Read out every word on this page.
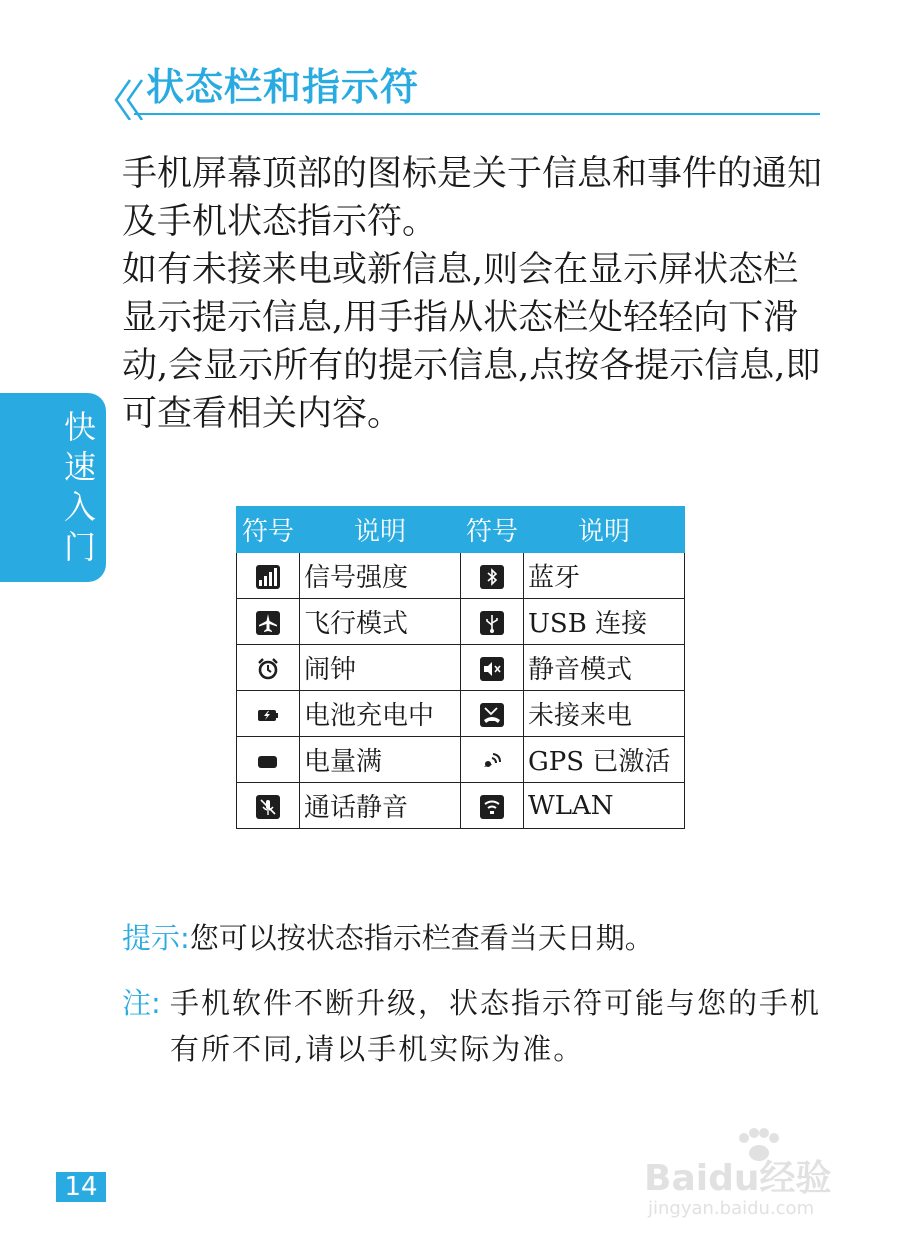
状态栏和指示符

手机屏幕顶部的图标是关于信息和事件的通知及手机状态指示符。

如有未接来电或新信息,则会在显示屏状态栏显示提示信息,用手指从状态栏处轻轻向下滑动,会显示所有的提示信息,点按各提示信息,即可查看相关内容。

快速入门	符号	说明	符号	说明

	信号强度		蓝牙

	飞行模式		USB 连接

	闹钟		静音模式

	电池充电中		未接来电

	电量满		GPS 已激活

	通话静音		WLAN
提示:您可以按状态指示栏查看当天日期。
注: 手机软件不断升级，状态指示符可能与您的手机有所不同,请以手机实际为准。
14	Baidu经验
jingyan.baidu.com
